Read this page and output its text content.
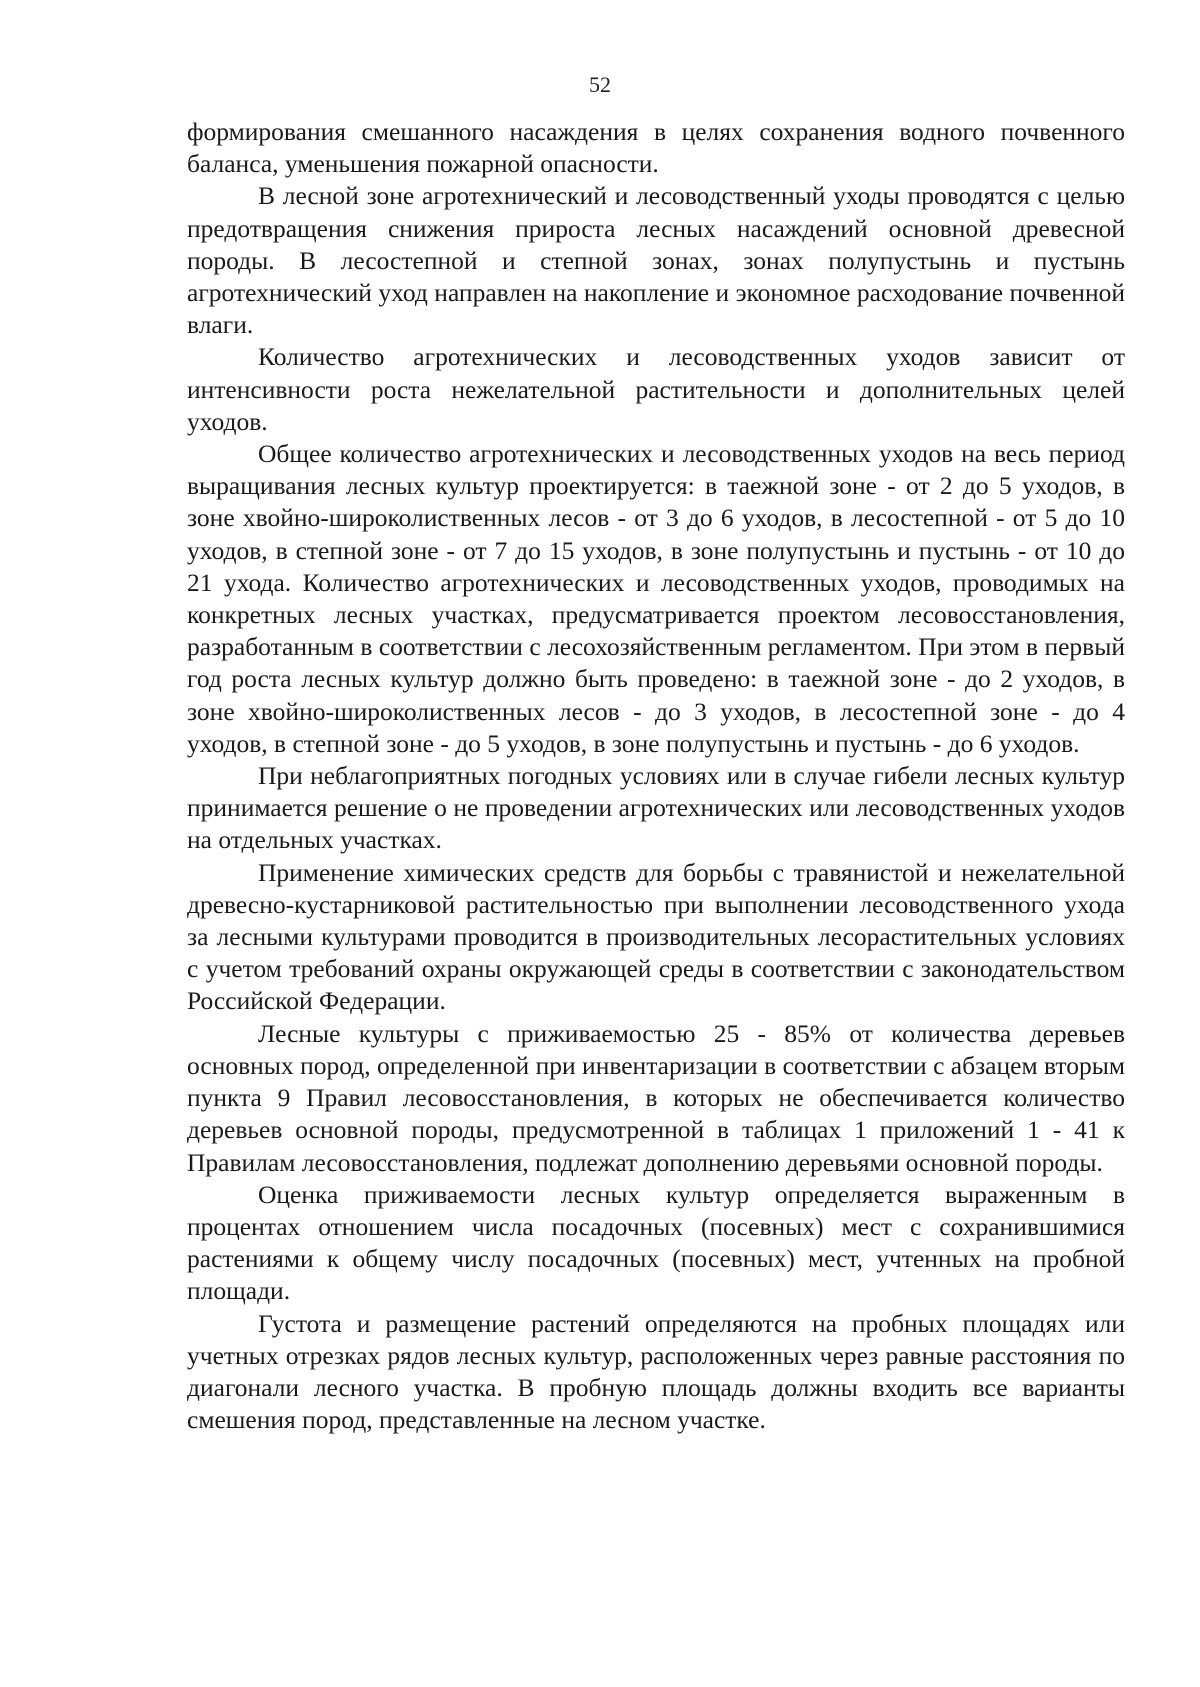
52

формирования смешанного насаждения в целях сохранения водного почвенного баланса, уменьшения пожарной опасности.

В лесной зоне агротехнический и лесоводственный уходы проводятся с целью предотвращения снижения прироста лесных насаждений основной древесной породы. В лесостепной и степной зонах, зонах полупустынь и пустынь агротехнический уход направлен на накопление и экономное расходование почвенной влаги.

Количество агротехнических и лесоводственных уходов зависит от интенсивности роста нежелательной растительности и дополнительных целей уходов.

Общее количество агротехнических и лесоводственных уходов на весь период выращивания лесных культур проектируется: в таежной зоне - от 2 до 5 уходов, в зоне хвойно-широколиственных лесов - от 3 до 6 уходов, в лесостепной - от 5 до 10 уходов, в степной зоне - от 7 до 15 уходов, в зоне полупустынь и пустынь - от 10 до 21 ухода. Количество агротехнических и лесоводственных уходов, проводимых на конкретных лесных участках, предусматривается проектом лесовосстановления, разработанным в соответствии с лесохозяйственным регламентом. При этом в первый год роста лесных культур должно быть проведено: в таежной зоне - до 2 уходов, в зоне хвойно-широколиственных лесов - до 3 уходов, в лесостепной зоне - до 4 уходов, в степной зоне - до 5 уходов, в зоне полупустынь и пустынь - до 6 уходов.

При неблагоприятных погодных условиях или в случае гибели лесных культур принимается решение о не проведении агротехнических или лесоводственных уходов на отдельных участках.

Применение химических средств для борьбы с травянистой и нежелательной древесно-кустарниковой растительностью при выполнении лесоводственного ухода за лесными культурами проводится в производительных лесорастительных условиях с учетом требований охраны окружающей среды в соответствии с законодательством Российской Федерации.

Лесные культуры с приживаемостью 25 - 85% от количества деревьев основных пород, определенной при инвентаризации в соответствии с абзацем вторым пункта 9 Правил лесовосстановления, в которых не обеспечивается количество деревьев основной породы, предусмотренной в таблицах 1 приложений 1 - 41 к Правилам лесовосстановления, подлежат дополнению деревьями основной породы.

Оценка приживаемости лесных культур определяется выраженным в процентах отношением числа посадочных (посевных) мест с сохранившимися растениями к общему числу посадочных (посевных) мест, учтенных на пробной площади.

Густота и размещение растений определяются на пробных площадях или учетных отрезках рядов лесных культур, расположенных через равные расстояния по диагонали лесного участка. В пробную площадь должны входить все варианты смешения пород, представленные на лесном участке.
